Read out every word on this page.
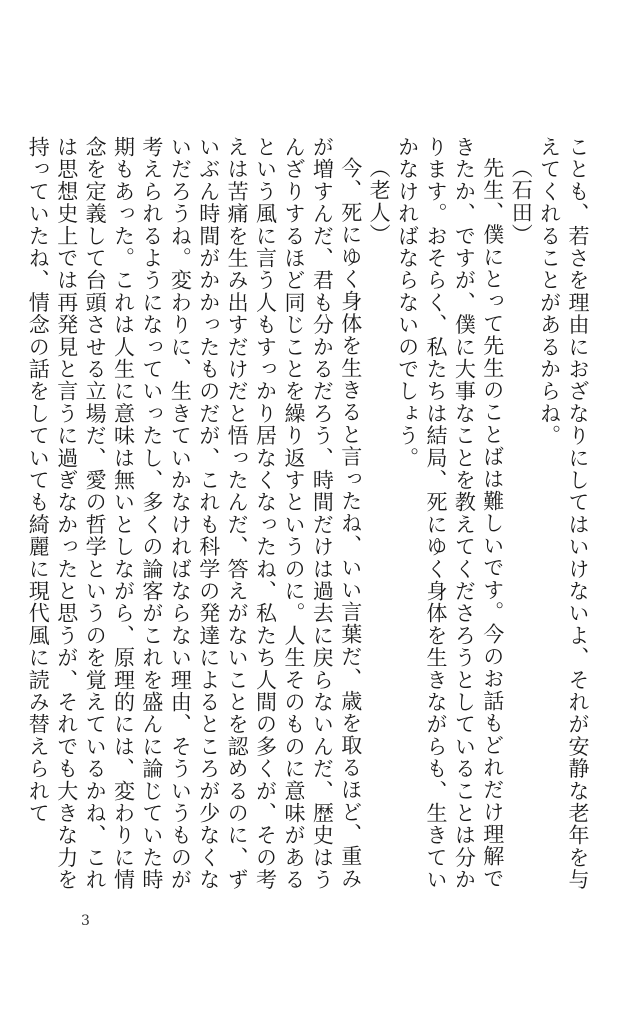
ことも、若さを理由におざなりにしてはいけないよ、それが安静な老年を与えてくれることがあるからね。

（石田）

先生、僕にとって先生のことばは難しいです。今のお話もどれだけ理解できたか、ですが、僕に大事なことを教えてくださろうとしていることは分かります。おそらく、私たちは結局、死にゆく身体を生きながらも、生きていかなければならないのでしょう。

（老人）

今、死にゆく身体を生きると言ったね、いい言葉だ、歳を取るほど、重みが増すんだ、君も分かるだろう、時間だけは過去に戻らないんだ、歴史はうんざりするほど同じことを繰り返すというのに。人生そのものに意味があるという風に言う人もすっかり居なくなったね、私たち人間の多くが、その考えは苦痛を生み出すだけだと悟ったんだ、答えがないことを認めるのに、ずいぶん時間がかかったものだが、これも科学の発達によるところが少なくないだろうね。変わりに、生きていかなければならない理由、そういうものが考えられるようになっていったし、多くの論客がこれを盛んに論じていた時期もあった。これは人生に意味は無いとしながら、原理的には、変わりに情念を定義して台頭させる立場だ、愛の哲学というのを覚えているかね、これは思想史上では再発見と言うに過ぎなかったと思うが、それでも大きな力を持っていたね、情念の話をしていても綺麗に現代風に読み替えられて

3
